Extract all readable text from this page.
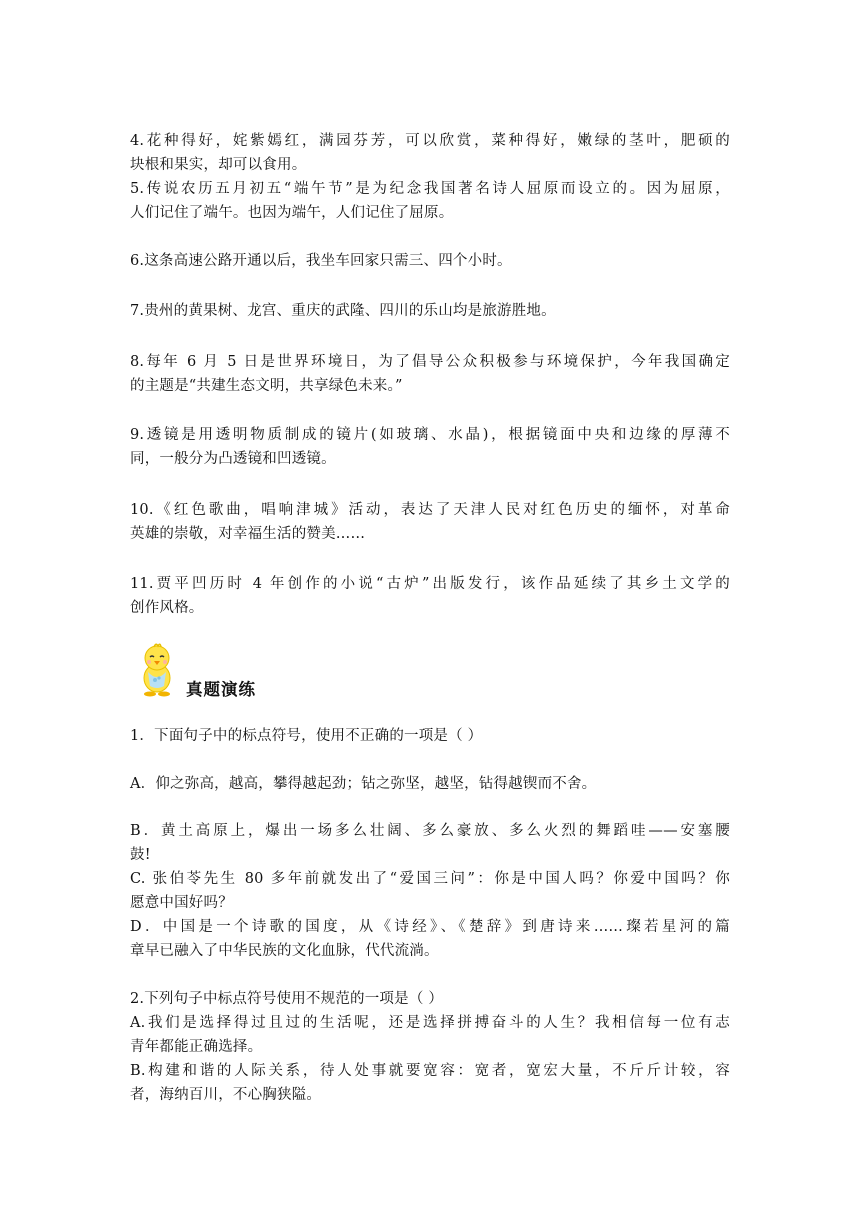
4.花种得好，姹紫嫣红，满园芬芳，可以欣赏，菜种得好，嫩绿的茎叶，肥硕的
块根和果实，却可以食用。
5.传说农历五月初五“端午节”是为纪念我国著名诗人屈原而设立的。因为屈原，
人们记住了端午。也因为端午，人们记住了屈原。
6.这条高速公路开通以后，我坐车回家只需三、四个小时。
7.贵州的黄果树、龙宫、重庆的武隆、四川的乐山均是旅游胜地。
8.每年 6 月 5 日是世界环境日，为了倡导公众积极参与环境保护，今年我国确定
的主题是“共建生态文明，共享绿色未来。”
9.透镜是用透明物质制成的镜片(如玻璃、水晶)，根据镜面中央和边缘的厚薄不
同，一般分为凸透镜和凹透镜。
10.《红色歌曲，唱响津城》活动，表达了天津人民对红色历史的缅怀，对革命
英雄的崇敬，对幸福生活的赞美……
11.贾平凹历时 4 年创作的小说“古炉”出版发行，该作品延续了其乡土文学的
创作风格。
1．下面句子中的标点符号，使用不正确的一项是（ ）
A．仰之弥高，越高，攀得越起劲；钻之弥坚，越坚，钻得越锲而不舍。
B．黄土高原上，爆出一场多么壮阔、多么豪放、多么火烈的舞蹈哇——安塞腰
鼓!
C. 张伯苓先生 80 多年前就发出了“爱国三问”：你是中国人吗？你爱中国吗？你
愿意中国好吗？
D．中国是一个诗歌的国度，从《诗经》、《楚辞》到唐诗来……璨若星河的篇
章早已融入了中华民族的文化血脉，代代流淌。
2.下列句子中标点符号使用不规范的一项是（ ）
A.我们是选择得过且过的生活呢，还是选择拼搏奋斗的人生？我相信每一位有志
青年都能正确选择。
B.构建和谐的人际关系，待人处事就要宽容：宽者，宽宏大量，不斤斤计较，容
者，海纳百川，不心胸狭隘。
真题演练
